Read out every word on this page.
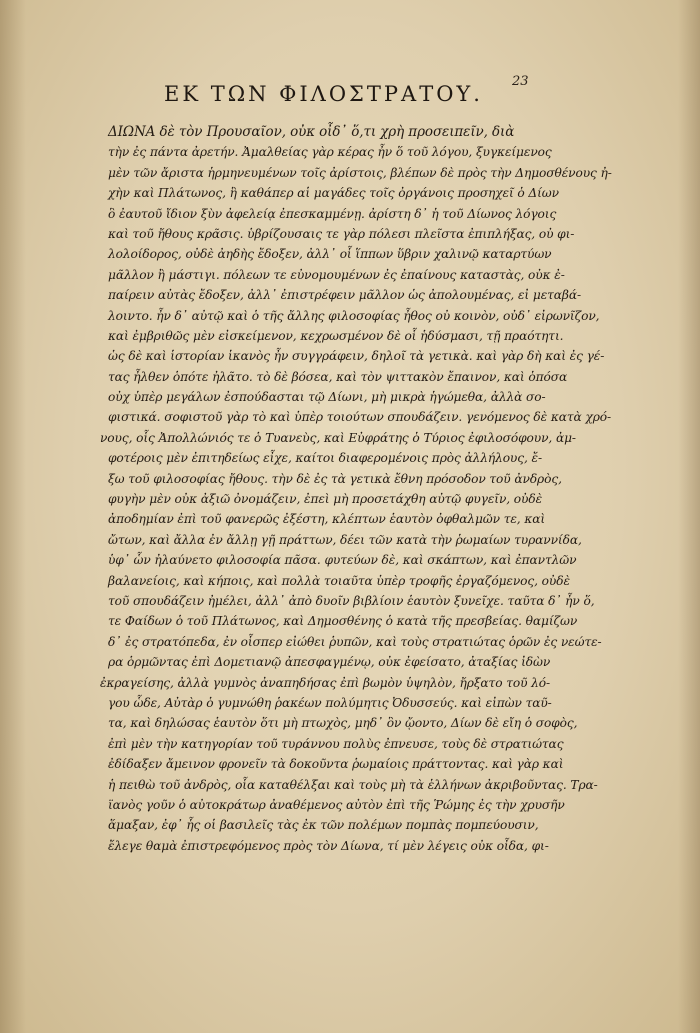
23
ΕΚ ΤΩΝ ΦΙΛΟΣΤΡΑΤΟΥ.
ΔΙΩΝΑ δὲ τὸν Προυσαῖον, οὐκ οἶδ᾽ ὅ,τι χρὴ προσειπεῖν, διὰ
τὴν ἐς πάντα ἀρετήν. Ἀμαλθείας γὰρ κέρας ἦν ὅ τοῦ λόγου, ξυγκείμενος
μὲν τῶν ἄριστα ἡρμηνευμένων τοῖς ἀρίστοις, βλέπων δὲ πρὸς τὴν Δημοσθένους ἠ-
χὴν καὶ Πλάτωνος, ἣ καθάπερ αἱ μαγάδες τοῖς ὀργάνοις προσηχεῖ ὁ Δίων
ὃ ἐαυτοῦ ἴδιον ξὺν ἀφελείᾳ ἐπεσκαμμένῃ. ἀρίστη δ᾽ ἡ τοῦ Δίωνος λόγοις
καὶ τοῦ ἤθους κρᾶσις. ὑβρίζουσαις τε γὰρ πόλεσι πλεῖστα ἐπιπλήξας, οὐ φι-
λολοίδορος, οὐδὲ ἀηδὴς ἔδοξεν, ἀλλ᾽ οἷ ἵππων ὕβριν χαλινῷ καταρτύων
μᾶλλον ἢ μάστιγι. πόλεων τε εὐνομουμένων ἐς ἐπαίνους καταστὰς, οὐκ ἐ-
παίρειν αὐτὰς ἔδοξεν, ἀλλ᾽ ἐπιστρέφειν μᾶλλον ὡς ἀπολουμένας, εἰ μεταβά-
λοιντο. ἦν δ᾽ αὐτῷ καὶ ὁ τῆς ἄλλης φιλοσοφίας ἦθος οὐ κοινὸν, οὐδ᾽ εἰρωνῖζον,
καὶ ἐμβριθῶς μὲν εἰσκείμενον, κεχρωσμένον δὲ οἷ ἡδύσμασι, τῇ πραότητι.
ὡς δὲ καὶ ἱστορίαν ἱκανὸς ἦν συγγράφειν, δηλοῖ τὰ γετικὰ. καὶ γὰρ δὴ καὶ ἐς γέ-
τας ἦλθεν ὁπότε ἠλᾶτο. τὸ δὲ βόσεα, καὶ τὸν ψιττακὸν ἔπαινον, καὶ ὁπόσα
οὐχ ὑπὲρ μεγάλων ἐσπούδασται τῷ Δίωνι, μὴ μικρὰ ἡγώμεθα, ἀλλὰ σο-
φιστικά. σοφιστοῦ γὰρ τὸ καὶ ὑπὲρ τοιούτων σπουδάζειν. γενόμενος δὲ κατὰ χρό-
νους, οἷς Ἀπολλώνιός τε ὁ Τυανεὺς, καὶ Εὐφράτης ὁ Τύριος ἐφιλοσόφουν, ἀμ-
φοτέροις μὲν ἐπιτηδείως εἶχε, καίτοι διαφερομένοις πρὸς ἀλλήλους, ἔ-
ξω τοῦ φιλοσοφίας ἤθους. τὴν δὲ ἐς τὰ γετικὰ ἔθνη πρόσοδον τοῦ ἀνδρὸς,
φυγὴν μὲν οὐκ ἀξιῶ ὀνομάζειν, ἐπεὶ μὴ προσετάχθη αὐτῷ φυγεῖν, οὐδὲ
ἀποδημίαν ἐπὶ τοῦ φανερῶς ἐξέστη, κλέπτων ἑαυτὸν ὀφθαλμῶν τε, καὶ
ὤτων, καὶ ἄλλα ἐν ἄλλῃ γῇ πράττων, δέει τῶν κατὰ τὴν ῥωμαίων τυραννίδα,
ὑφ᾽ ὧν ἠλαύνετο φιλοσοφία πᾶσα. φυτεύων δὲ, καὶ σκάπτων, καὶ ἐπαντλῶν
βαλανείοις, καὶ κήποις, καὶ πολλὰ τοιαῦτα ὑπὲρ τροφῆς ἐργαζόμενος, οὐδὲ
τοῦ σπουδάζειν ἠμέλει, ἀλλ᾽ ἀπὸ δυοῖν βιβλίοιν ἑαυτὸν ξυνεῖχε. ταῦτα δ᾽ ἦν ὅ,
τε Φαίδων ὁ τοῦ Πλάτωνος, καὶ Δημοσθένης ὁ κατὰ τῆς πρεσβείας. θαμίζων
δ᾽ ἐς στρατόπεδα, ἐν οἷσπερ εἰώθει ῥυπῶν, καὶ τοὺς στρατιώτας ὁρῶν ἐς νεώτε-
ρα ὁρμῶντας ἐπὶ Δομετιανῷ ἀπεσφαγμένῳ, οὐκ ἐφείσατο, ἀταξίας ἰδὼν
ἐκραγείσης, ἀλλὰ γυμνὸς ἀναπηδήσας ἐπὶ βωμὸν ὑψηλὸν, ἤρξατο τοῦ λό-
γου ὧδε, Αὐτὰρ ὁ γυμνώθη ῥακέων πολύμητις Ὀδυσσεύς. καὶ εἰπὼν ταῦ-
τα, καὶ δηλώσας ἑαυτὸν ὅτι μὴ πτωχὸς, μηδ᾽ ὃν ᾤοντο, Δίων δὲ εἴη ὁ σοφὸς,
ἐπὶ μὲν τὴν κατηγορίαν τοῦ τυράννου πολὺς ἐπνευσε, τοὺς δὲ στρατιώτας
ἐδίδαξεν ἄμεινον φρονεῖν τὰ δοκοῦντα ῥωμαίοις πράττοντας. καὶ γὰρ καὶ
ἡ πειθὼ τοῦ ἀνδρὸς, οἷα καταθέλξαι καὶ τοὺς μὴ τὰ ἑλλήνων ἀκριβοῦντας. Τρα-
ϊανὸς γοῦν ὁ αὐτοκράτωρ ἀναθέμενος αὐτὸν ἐπὶ τῆς Ῥώμης ἐς τὴν χρυσῆν
ἅμαξαν, ἐφ᾽ ἧς οἱ βασιλεῖς τὰς ἐκ τῶν πολέμων πομπὰς πομπεύουσιν,
ἔλεγε θαμὰ ἐπιστρεφόμενος πρὸς τὸν Δίωνα, τί μὲν λέγεις οὐκ οἶδα, φι-
